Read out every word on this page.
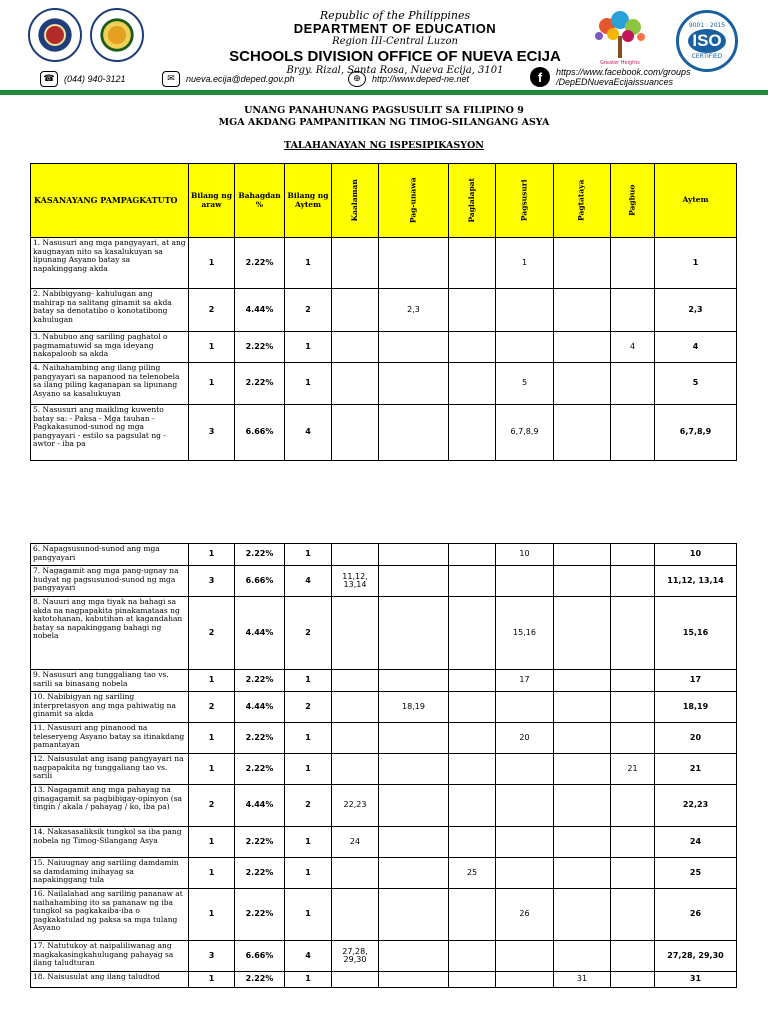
Republic of the Philippines
DEPARTMENT OF EDUCATION
Region III-Central Luzon
SCHOOLS DIVISION OFFICE OF NUEVA ECIJA
Brgy. Rizal, Santa Rosa, Nueva Ecija, 3101
Greater Heights
9001 : 2015
ISO
CERTIFIED
☎	(044) 940-3121	✉	nueva.ecija@deped.gov.ph	⊕	http://www.deped-ne.net	f	https://www.facebook.com/groups
/DepEDNuevaEcijaissuances
UNANG PANAHUNANG PAGSUSULIT SA FILIPINO 9
MGA AKDANG PAMPANITIKAN NG TIMOG-SILANGANG ASYA
TALAHANAYAN NG ISPESIPIKASYON
KASANAYANG PAMPAGKATUTO	Bilang ng araw	Bahagdan %	Bilang ng Aytem	Kaalaman	Pag-unawa	Paglalapat	Pagsusuri	Pagtataya	Pagbuo	Aytem
1. Nasusuri ang mga pangyayari, at ang kaugnayan nito sa kasalukuyan sa lipunang Asyano batay sa napakinggang akda	1	2.22%	1				1			1
2. Nabibigyang- kahulugan ang mahirap na salitang ginamit sa akda batay sa denotatibo o konotatibong kahulugan	2	4.44%	2		2,3					2,3
3. Nabubuo ang sariling paghatol o pagmamatuwid sa mga ideyang nakapaloob sa akda	1	2.22%	1						4	4
4. Naihahambing ang ilang piling pangyayari sa napanood na telenobela sa ilang piling kaganapan sa lipunang Asyano sa kasalukuyan	1	2.22%	1				5			5
5. Nasusuri ang maikling kuwento batay sa: - Paksa - Mga tauhan - Pagkakasunod-sunod ng mga pangyayari - estilo sa pagsulat ng - awtor - iba pa	3	6.66%	4				6,7,8,9			6,7,8,9
6. Napagsusunod-sunod ang mga pangyayari	1	2.22%	1				10			10
7. Nagagamit ang mga pang-ugnay na hudyat ng pagsusunod-sunod ng mga pangyayari	3	6.66%	4	11,12, 13,14						11,12, 13,14
8. Nauuri ang mga tiyak na bahagi sa akda na nagpapakita pinakamataas ng katotohanan, kabutihan at kagandahan batay sa napakinggang bahagi ng nobela	2	4.44%	2				15,16			15,16
9. Nasusuri ang tunggaliang tao vs. sarili sa binasang nobela	1	2.22%	1				17			17
10. Nabibigyan ng sariling interpretasyon ang mga pahiwatig na ginamit sa akda	2	4.44%	2		18,19					18,19
11. Nasusuri ang pinanood na teleseryeng Asyano batay sa itinakdang pamantayan	1	2.22%	1				20			20
12. Naisusulat ang isang pangyayari na nagpapakita ng tunggaliang tao vs. sarili	1	2.22%	1						21	21
13. Nagagamit ang mga pahayag na ginagagamit sa pagbibigay-opinyon (sa tingin / akala / pahayag / ko, iba pa)	2	4.44%	2	22,23						22,23
14. Nakasasaliksik tungkol sa iba pang nobela ng Timog-Silangang Asya	1	2.22%	1	24						24
15. Naiuugnay ang sariling damdamin sa damdaming inihayag sa napakinggang tula	1	2.22%	1			25				25
16. Nailalahad ang sariling pananaw at naihahambing ito sa pananaw ng iba tungkol sa pagkakaiba-iba o pagkakatulad ng paksa sa mga tulang Asyano	1	2.22%	1				26			26
17. Natutukoy at naipaliliwanag ang magkakasingkahulugang pahayag sa ilang taludturan	3	6.66%	4	27,28, 29,30						27,28, 29,30
18. Naisusulat ang ilang taludtod	1	2.22%	1					31		31
